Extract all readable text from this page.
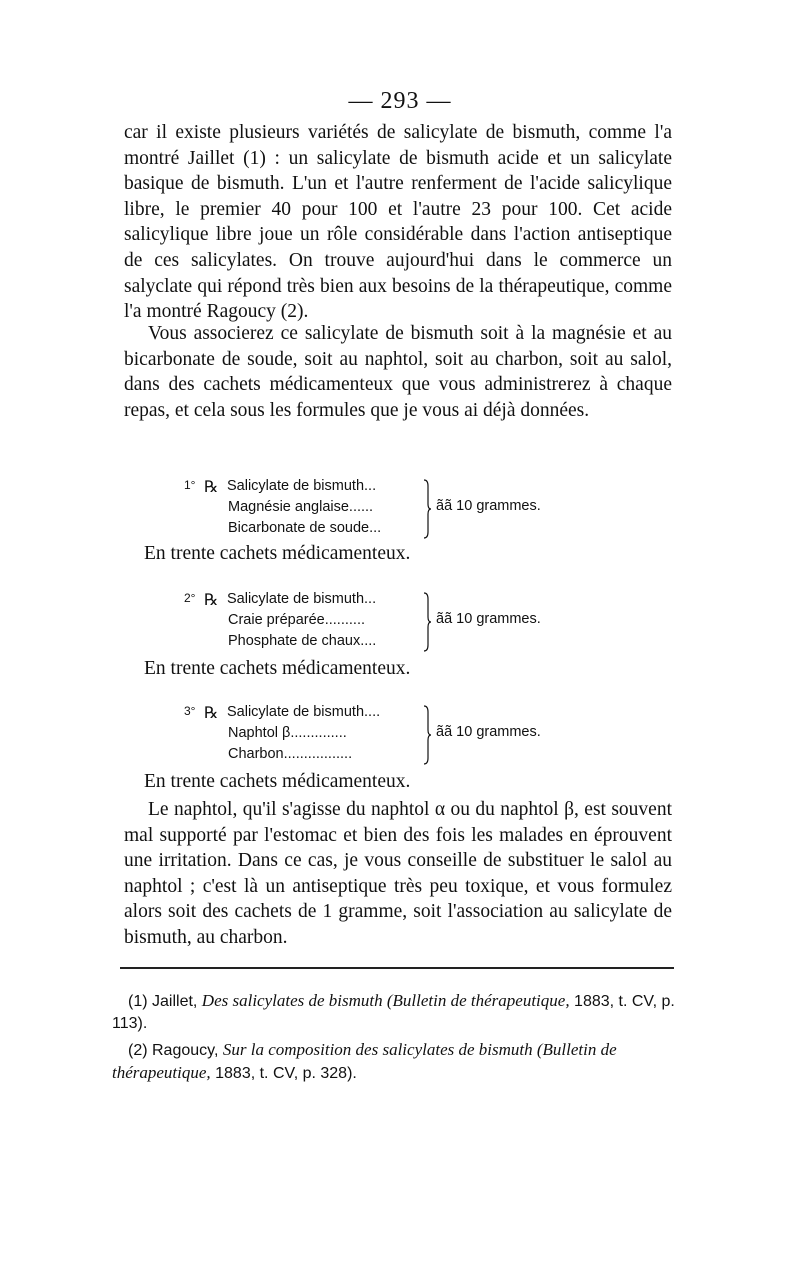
— 293 —

car il existe plusieurs variétés de salicylate de bismuth, comme l'a montré Jaillet (1) : un salicylate de bismuth acide et un salicylate basique de bismuth. L'un et l'autre renferment de l'acide salicylique libre, le premier 40 pour 100 et l'autre 23 pour 100. Cet acide salicylique libre joue un rôle considérable dans l'action antiseptique de ces salicylates. On trouve aujourd'hui dans le commerce un salyclate qui répond très bien aux besoins de la thérapeutique, comme l'a montré Ragoucy (2).

Vous associerez ce salicylate de bismuth soit à la magnésie et au bicarbonate de soude, soit au naphtol, soit au charbon, soit au salol, dans des cachets médicamenteux que vous administrerez à chaque repas, et cela sous les formules que je vous ai déjà données.

1° ℞ Salicylate de bismuth...
Magnésie anglaise......
Bicarbonate de soude...
ãã 10 grammes.
En trente cachets médicamenteux.
2° ℞ Salicylate de bismuth...
Craie préparée..........
Phosphate de chaux....
ãã 10 grammes.
En trente cachets médicamenteux.
3° ℞ Salicylate de bismuth....
Naphtol β..............
Charbon.................
ãã 10 grammes.
En trente cachets médicamenteux.

Le naphtol, qu'il s'agisse du naphtol α ou du naphtol β, est souvent mal supporté par l'estomac et bien des fois les malades en éprouvent une irritation. Dans ce cas, je vous conseille de substituer le salol au naphtol ; c'est là un antiseptique très peu toxique, et vous formulez alors soit des cachets de 1 gramme, soit l'association au salicylate de bismuth, au charbon.

(1) Jaillet, Des salicylates de bismuth (Bulletin de thérapeutique, 1883, t. CV, p. 113).

(2) Ragoucy, Sur la composition des salicylates de bismuth (Bulletin de thérapeutique, 1883, t. CV, p. 328).
